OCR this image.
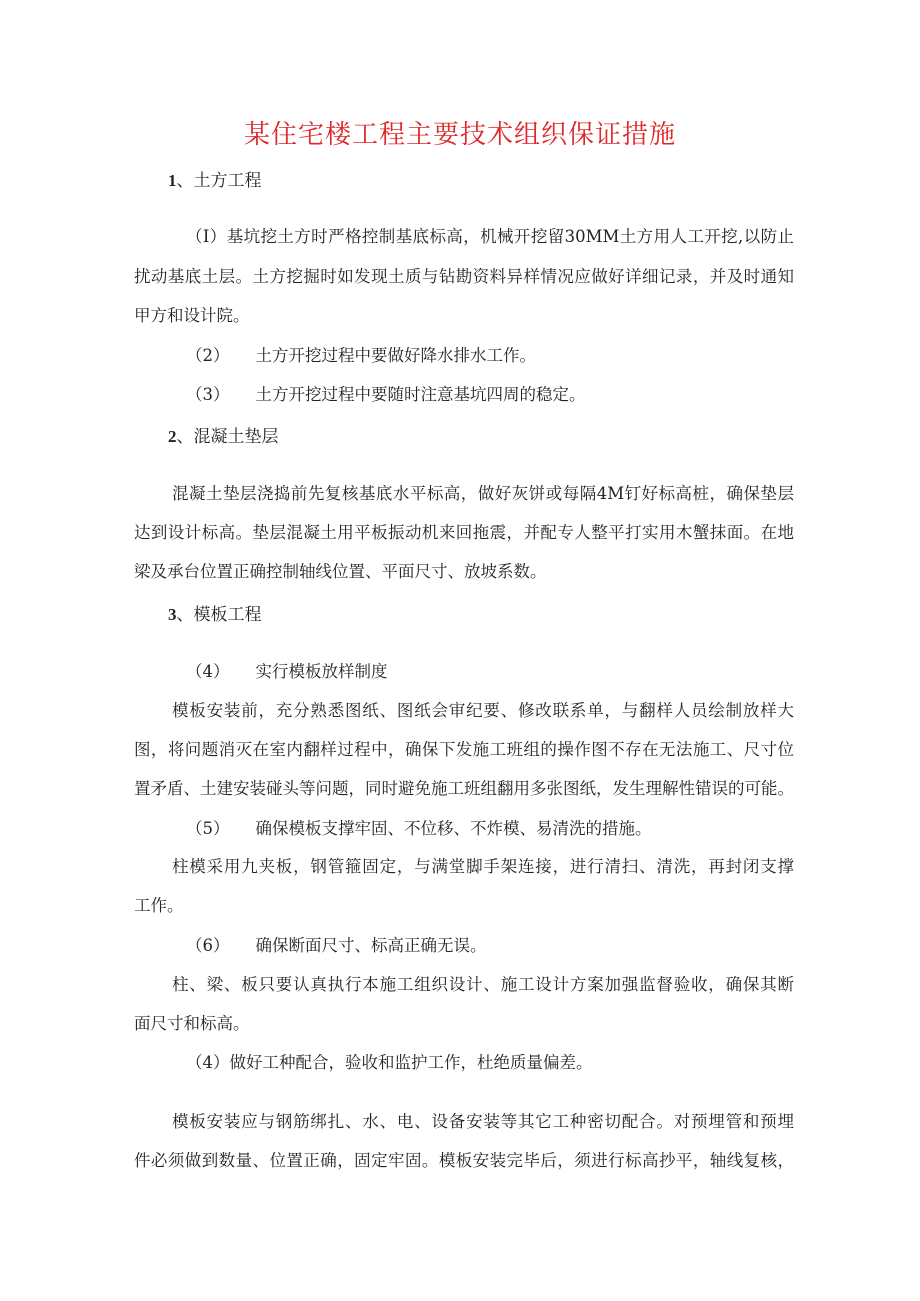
某住宅楼工程主要技术组织保证措施
1、土方工程
（I）基坑挖土方时严格控制基底标高，机械开挖留30MM土方用人工开挖,以防止
扰动基底土层。土方挖掘时如发现土质与钻勘资料异样情况应做好详细记录，并及时通知
甲方和设计院。
（2） 土方开挖过程中要做好降水排水工作。
（3） 土方开挖过程中要随时注意基坑四周的稳定。
2、混凝土垫层
混凝土垫层浇捣前先复核基底水平标高，做好灰饼或每隔4M钉好标高桩，确保垫层
达到设计标高。垫层混凝土用平板振动机来回拖震，并配专人整平打实用木蟹抹面。在地
梁及承台位置正确控制轴线位置、平面尺寸、放坡系数。
3、模板工程
（4） 实行模板放样制度
模板安装前，充分熟悉图纸、图纸会审纪要、修改联系单，与翻样人员绘制放样大
图，将问题消灭在室内翻样过程中，确保下发施工班组的操作图不存在无法施工、尺寸位
置矛盾、土建安装碰头等问题，同时避免施工班组翻用多张图纸，发生理解性错误的可能。
（5） 确保模板支撑牢固、不位移、不炸模、易清洗的措施。
柱模采用九夹板，钢管箍固定，与满堂脚手架连接，进行清扫、清洗，再封闭支撑
工作。
（6） 确保断面尺寸、标高正确无误。
柱、梁、板只要认真执行本施工组织设计、施工设计方案加强监督验收，确保其断
面尺寸和标高。
（4）做好工种配合，验收和监护工作，杜绝质量偏差。
模板安装应与钢筋绑扎、水、电、设备安装等其它工种密切配合。对预埋管和预埋
件必须做到数量、位置正确，固定牢固。模板安装完毕后，须进行标高抄平，轴线复核，
